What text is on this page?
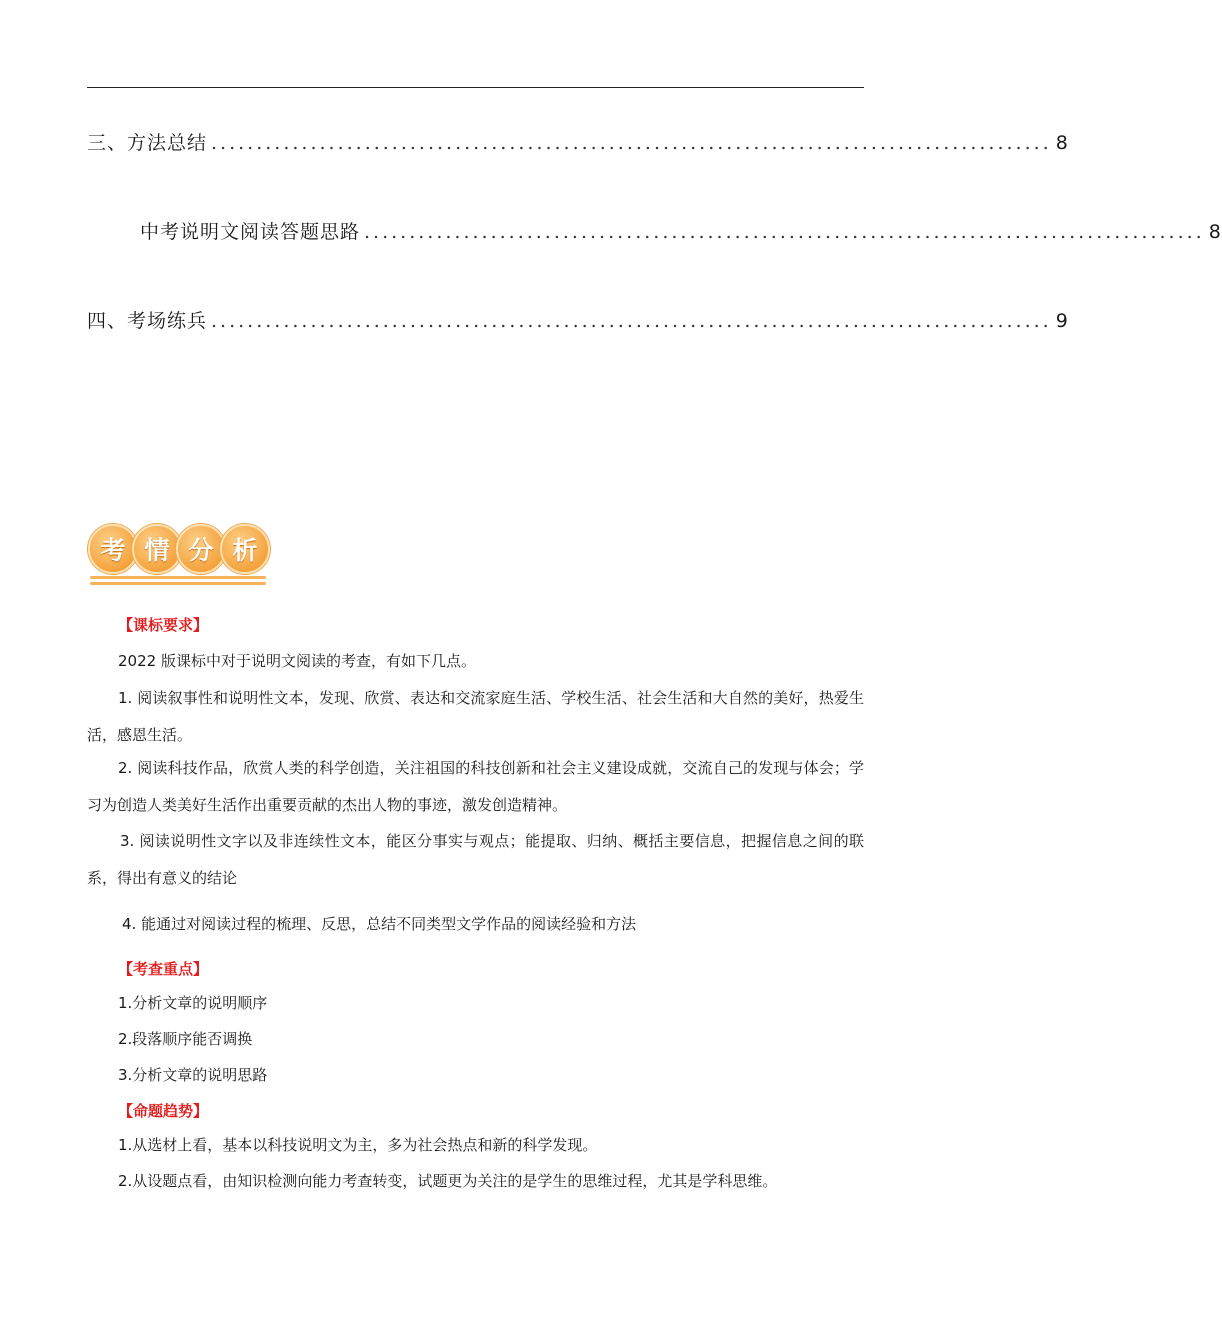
三、方法总结 ............................................................................................. 8
中考说明文阅读答题思路 ............................................................................................. 8
四、考场练兵 ............................................................................................. 9
考 情 分 析
【课标要求】
2022 版课标中对于说明文阅读的考查，有如下几点。
1. 阅读叙事性和说明性文本，发现、欣赏、表达和交流家庭生活、学校生活、社会生活和大自然的美好，热爱生活，感恩生活。
2. 阅读科技作品，欣赏人类的科学创造，关注祖国的科技创新和社会主义建设成就，交流自己的发现与体会；学习为创造人类美好生活作出重要贡献的杰出人物的事迹，激发创造精神。
3. 阅读说明性文字以及非连续性文本，能区分事实与观点；能提取、归纳、概括主要信息，把握信息之间的联系，得出有意义的结论
4. 能通过对阅读过程的梳理、反思，总结不同类型文学作品的阅读经验和方法
【考查重点】
1.分析文章的说明顺序
2.段落顺序能否调换
3.分析文章的说明思路
【命题趋势】
1.从选材上看，基本以科技说明文为主，多为社会热点和新的科学发现。
2.从设题点看，由知识检测向能力考查转变，试题更为关注的是学生的思维过程，尤其是学科思维。
